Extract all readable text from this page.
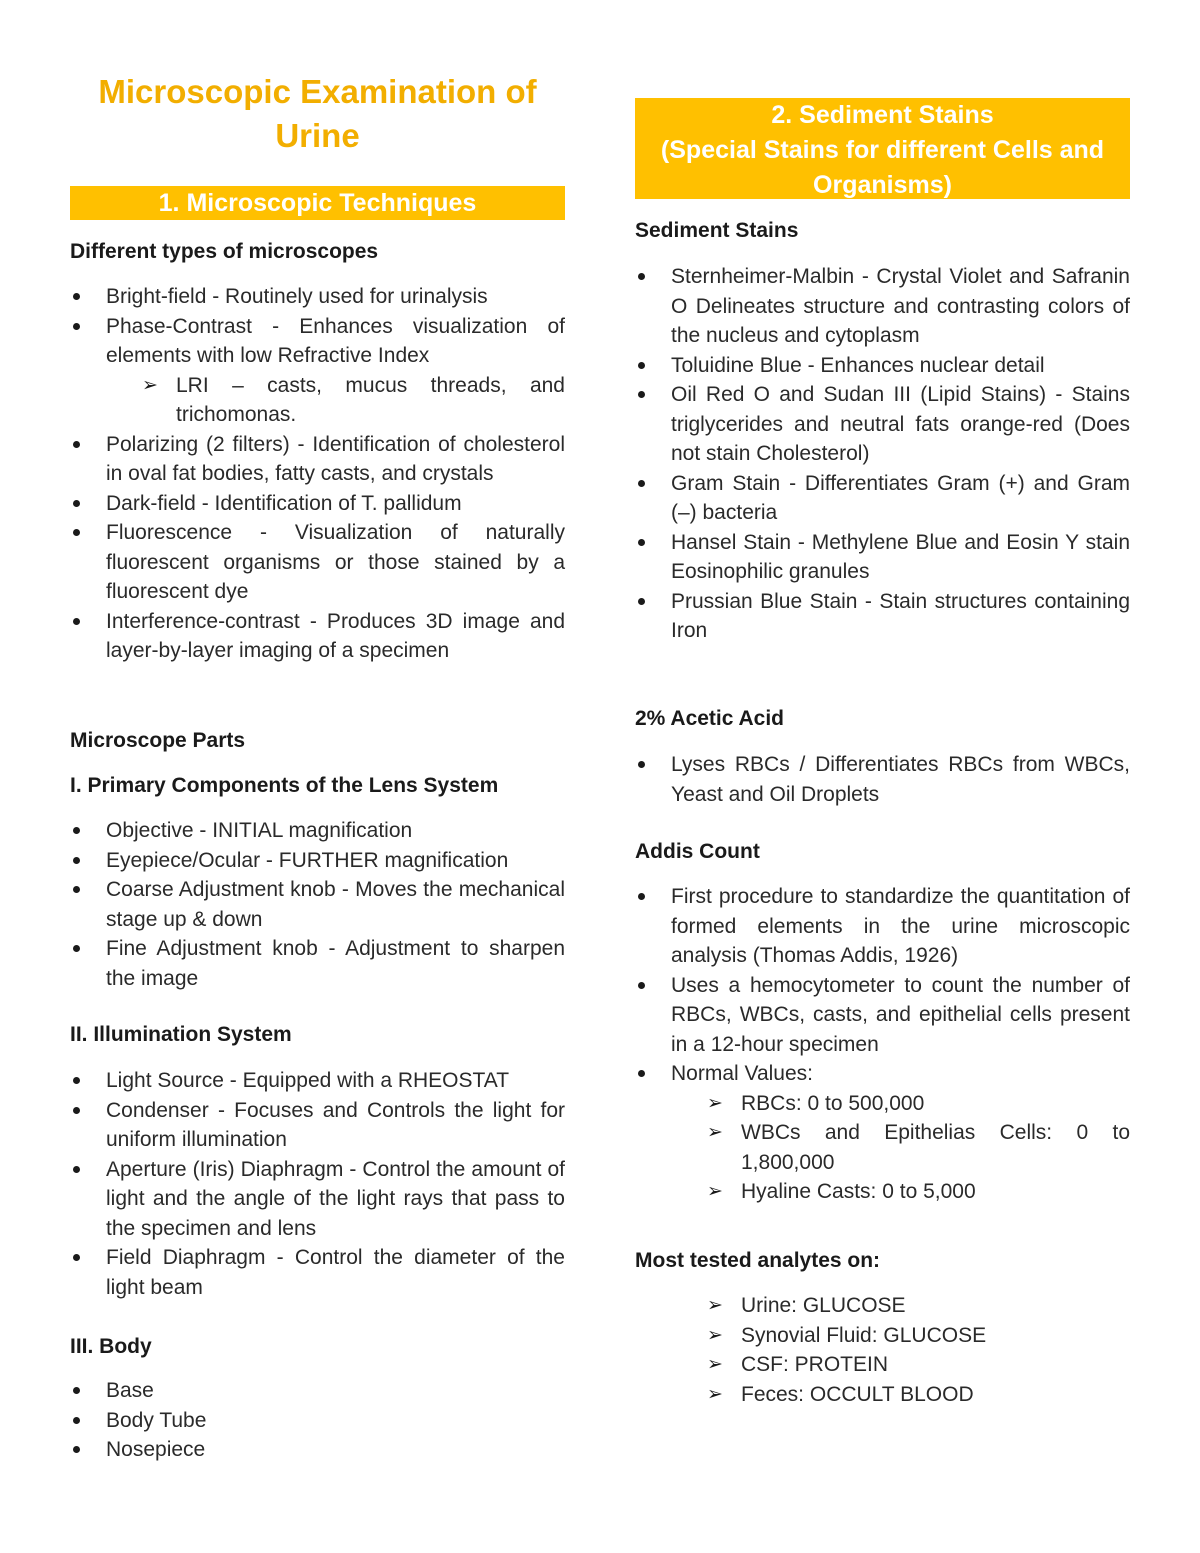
Microscopic Examination of Urine
1. Microscopic Techniques
Different types of microscopes
Bright-field - Routinely used for urinalysis
Phase-Contrast - Enhances visualization of elements with low Refractive Index
➢ LRI – casts, mucus threads, and trichomonas.
Polarizing (2 filters) - Identification of cholesterol in oval fat bodies, fatty casts, and crystals
Dark-field - Identification of T. pallidum
Fluorescence - Visualization of naturally fluorescent organisms or those stained by a fluorescent dye
Interference-contrast - Produces 3D image and layer-by-layer imaging of a specimen
Microscope Parts
I. Primary Components of the Lens System
Objective - INITIAL magnification
Eyepiece/Ocular - FURTHER magnification
Coarse Adjustment knob - Moves the mechanical stage up & down
Fine Adjustment knob - Adjustment to sharpen the image
II. Illumination System
Light Source - Equipped with a RHEOSTAT
Condenser - Focuses and Controls the light for uniform illumination
Aperture (Iris) Diaphragm - Control the amount of light and the angle of the light rays that pass to the specimen and lens
Field Diaphragm - Control the diameter of the light beam
III. Body
Base
Body Tube
Nosepiece
2. Sediment Stains
(Special Stains for different Cells and Organisms)
Sediment Stains
Sternheimer-Malbin - Crystal Violet and Safranin O Delineates structure and contrasting colors of the nucleus and cytoplasm
Toluidine Blue - Enhances nuclear detail
Oil Red O and Sudan III (Lipid Stains) - Stains triglycerides and neutral fats orange-red (Does not stain Cholesterol)
Gram Stain - Differentiates Gram (+) and Gram (–) bacteria
Hansel Stain - Methylene Blue and Eosin Y stain Eosinophilic granules
Prussian Blue Stain - Stain structures containing Iron
2% Acetic Acid
Lyses RBCs / Differentiates RBCs from WBCs, Yeast and Oil Droplets
Addis Count
First procedure to standardize the quantitation of formed elements in the urine microscopic analysis (Thomas Addis, 1926)
Uses a hemocytometer to count the number of RBCs, WBCs, casts, and epithelial cells present in a 12-hour specimen
Normal Values:
➢ RBCs: 0 to 500,000
➢ WBCs and Epithelias Cells: 0 to 1,800,000
➢ Hyaline Casts: 0 to 5,000
Most tested analytes on:
➢ Urine: GLUCOSE
➢ Synovial Fluid: GLUCOSE
➢ CSF: PROTEIN
➢ Feces: OCCULT BLOOD
